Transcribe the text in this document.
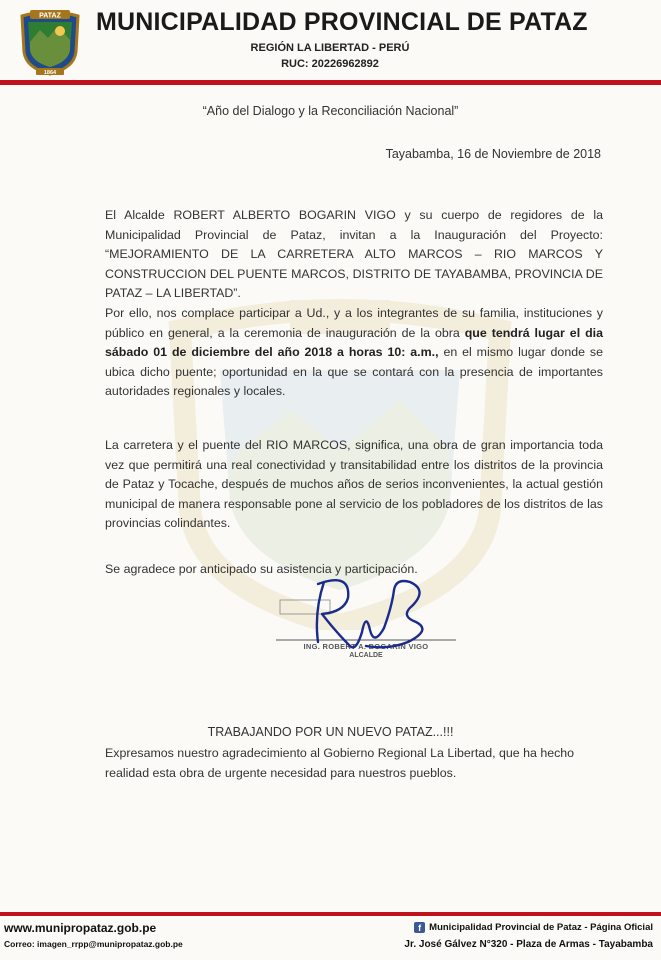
PATAZ
1864
MUNICIPALIDAD PROVINCIAL DE PATAZ
REGIÓN LA LIBERTAD - PERÚ
RUC: 20226962892
“Año del Dialogo y la Reconciliación Nacional”
Tayabamba, 16 de Noviembre de 2018
El Alcalde ROBERT ALBERTO BOGARIN VIGO y su cuerpo de regidores de la Municipalidad Provincial de Pataz, invitan a la Inauguración del Proyecto: “MEJORAMIENTO DE LA CARRETERA ALTO MARCOS – RIO MARCOS Y CONSTRUCCION DEL PUENTE MARCOS, DISTRITO DE TAYABAMBA, PROVINCIA DE PATAZ – LA LIBERTAD”.
Por ello, nos complace participar a Ud., y a los integrantes de su familia, instituciones y público en general, a la ceremonia de inauguración de la obra que tendrá lugar el dia sábado 01 de diciembre del año 2018 a horas 10: a.m., en el mismo lugar donde se ubica dicho puente; oportunidad en la que se contará con la presencia de importantes autoridades regionales y locales.
La carretera y el puente del RIO MARCOS, significa, una obra de gran importancia toda vez que permitirá una real conectividad y transitabilidad entre los distritos de la provincia de Pataz y Tocache, después de muchos años de serios inconvenientes, la actual gestión municipal de manera responsable pone al servicio de los pobladores de los distritos de las provincias colindantes.
Se agradece por anticipado su asistencia y participación.
ING. ROBERT A. BOGARIN VIGO
ALCALDE
TRABAJANDO POR UN NUEVO PATAZ...!!!
Expresamos nuestro agradecimiento al Gobierno Regional La Libertad, que ha hecho realidad esta obra de urgente necesidad para nuestros pueblos.
www.munipropataz.gob.pe
Correo: imagen_rrpp@munipropataz.gob.pe
f Municipalidad Provincial de Pataz - Página Oficial
Jr. José Gálvez N°320 - Plaza de Armas - Tayabamba
